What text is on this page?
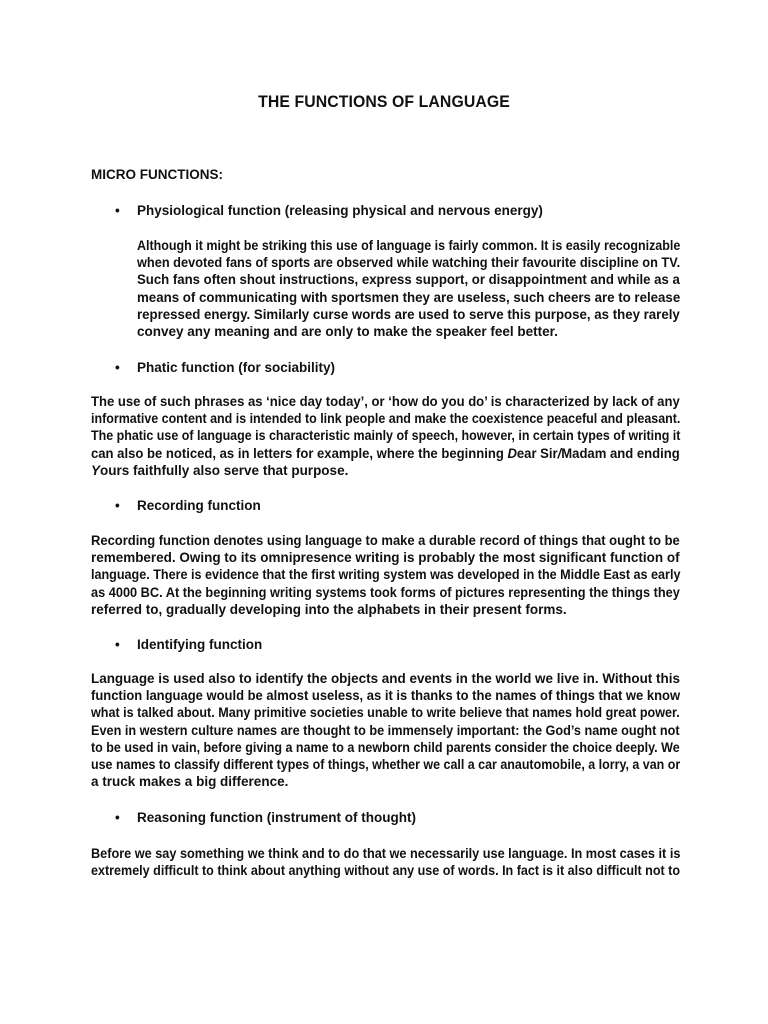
THE FUNCTIONS OF LANGUAGE
MICRO FUNCTIONS:
•	Physiological function (releasing physical and nervous energy)
Although it might be striking this use of language is fairly common. It is easily recognizable
when devoted fans of sports are observed while watching their favourite discipline on TV.
Such fans often shout instructions, express support, or disappointment and while as a
means of communicating with sportsmen they are useless, such cheers are to release
repressed energy. Similarly curse words are used to serve this purpose, as they rarely
convey any meaning and are only to make the speaker feel better.
•	Phatic function (for sociability)
The use of such phrases as ‘nice day today’, or ‘how do you do’ is characterized by lack of any
informative content and is intended to link people and make the coexistence peaceful and pleasant.
The phatic use of language is characteristic mainly of speech, however, in certain types of writing it
can also be noticed, as in letters for example, where the beginning Dear Sir/Madam and ending
Yours faithfully also serve that purpose.
•	Recording function
Recording function denotes using language to make a durable record of things that ought to be
remembered. Owing to its omnipresence writing is probably the most significant function of
language. There is evidence that the first writing system was developed in the Middle East as early
as 4000 BC. At the beginning writing systems took forms of pictures representing the things they
referred to, gradually developing into the alphabets in their present forms.
•	Identifying function
Language is used also to identify the objects and events in the world we live in. Without this
function language would be almost useless, as it is thanks to the names of things that we know
what is talked about. Many primitive societies unable to write believe that names hold great power.
Even in western culture names are thought to be immensely important: the God’s name ought not
to be used in vain, before giving a name to a newborn child parents consider the choice deeply. We
use names to classify different types of things, whether we call a car anautomobile, a lorry, a van or
a truck makes a big difference.
•	Reasoning function (instrument of thought)
Before we say something we think and to do that we necessarily use language. In most cases it is
extremely difficult to think about anything without any use of words. In fact is it also difficult not to
